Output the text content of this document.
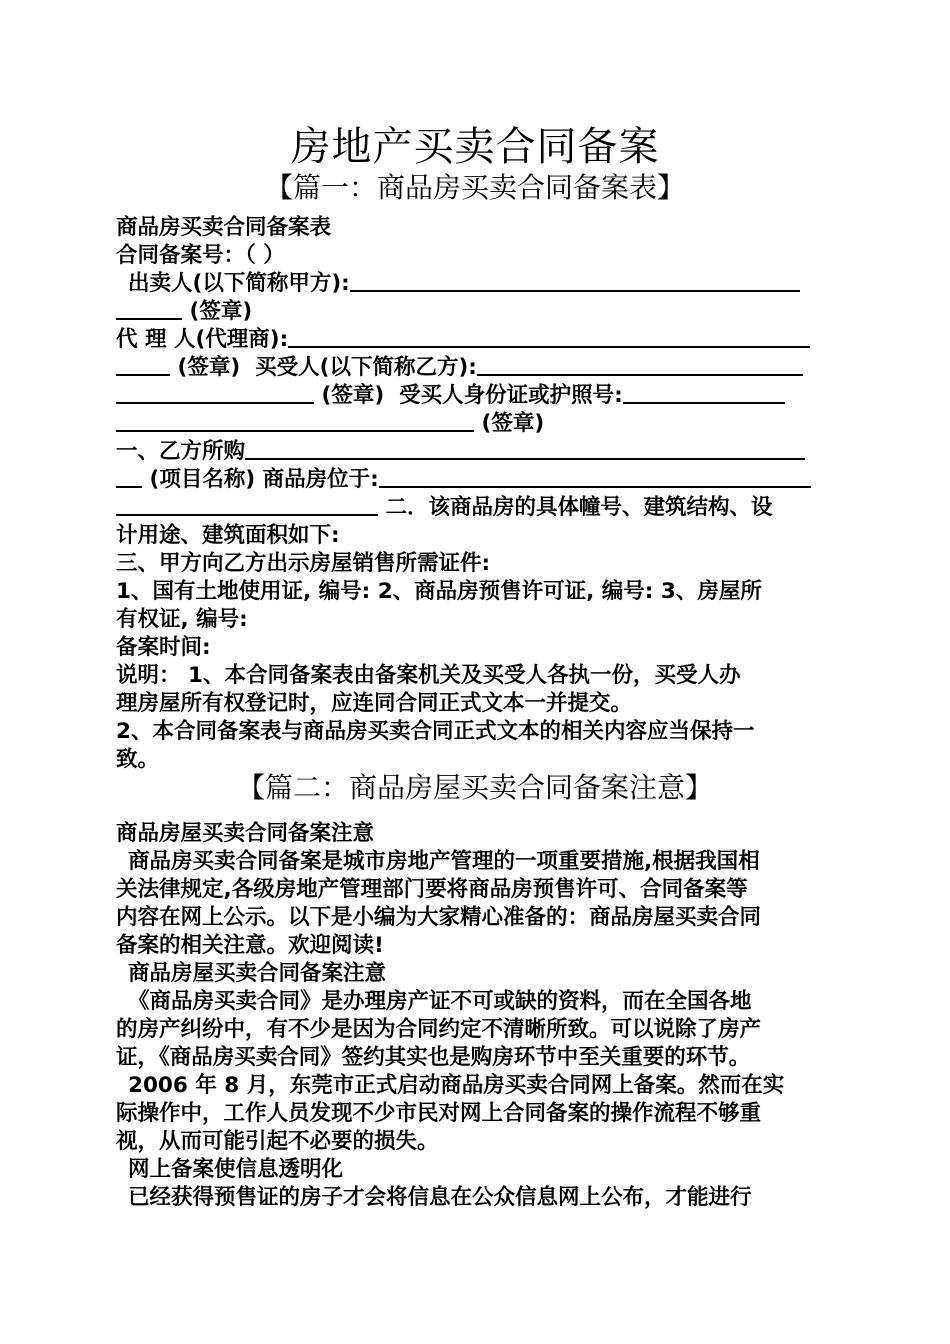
房地产买卖合同备案
【篇一：商品房买卖合同备案表】
商品房买卖合同备案表
合同备案号：（ ）
出卖人(以下简称甲方):
(签章)
代 理 人(代理商):
(签章) 买受人(以下简称乙方):
(签章) 受买人身份证或护照号:
(签章)
一、乙方所购
(项目名称) 商品房位于:
二．该商品房的具体幢号、建筑结构、设
计用途、建筑面积如下:
三、甲方向乙方出示房屋销售所需证件:
1、国有土地使用证, 编号: 2、商品房预售许可证, 编号: 3、房屋所
有权证, 编号:
备案时间:
说明： 1、本合同备案表由备案机关及买受人各执一份，买受人办
理房屋所有权登记时，应连同合同正式文本一并提交。
2、本合同备案表与商品房买卖合同正式文本的相关内容应当保持一
致。
【篇二：商品房屋买卖合同备案注意】
商品房屋买卖合同备案注意
商品房买卖合同备案是城市房地产管理的一项重要措施,根据我国相
关法律规定,各级房地产管理部门要将商品房预售许可、合同备案等
内容在网上公示。以下是小编为大家精心准备的：商品房屋买卖合同
备案的相关注意。欢迎阅读!
商品房屋买卖合同备案注意
《商品房买卖合同》是办理房产证不可或缺的资料，而在全国各地
的房产纠纷中，有不少是因为合同约定不清晰所致。可以说除了房产
证，《商品房买卖合同》签约其实也是购房环节中至关重要的环节。
2006 年 8 月，东莞市正式启动商品房买卖合同网上备案。然而在实
际操作中，工作人员发现不少市民对网上合同备案的操作流程不够重
视，从而可能引起不必要的损失。
网上备案使信息透明化
已经获得预售证的房子才会将信息在公众信息网上公布，才能进行
